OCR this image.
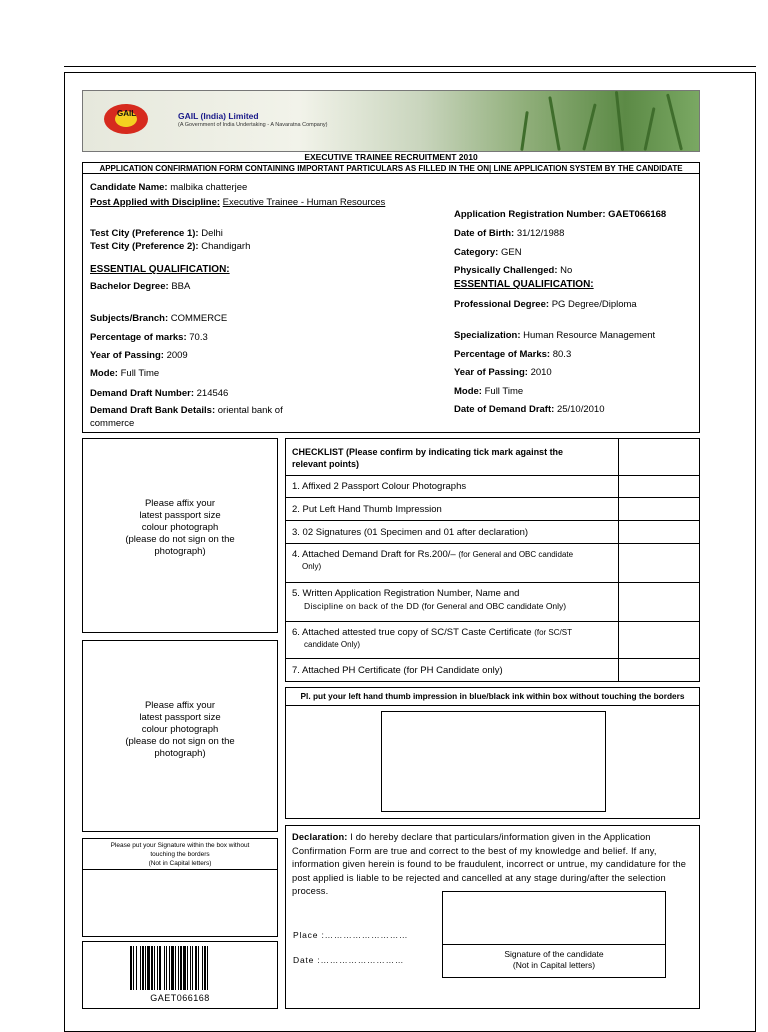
GAIL	GAIL (India) Limited
(A Government of India Undertaking - A Navaratna Company)
EXECUTIVE TRAINEE RECRUITMENT 2010
APPLICATION CONFIRMATION FORM CONTAINING IMPORTANT PARTICULARS AS FILLED IN THE ON| LINE APPLICATION SYSTEM BY THE CANDIDATE
Candidate Name: malbika chatterjee
Post Applied with Discipline: Executive Trainee - Human Resources
Test City (Preference 1): Delhi
Test City (Preference 2): Chandigarh
ESSENTIAL QUALIFICATION:
Bachelor Degree: BBA
Subjects/Branch: COMMERCE
Percentage of marks: 70.3
Year of Passing: 2009
Mode: Full Time
Demand Draft Number: 214546
Demand Draft Bank Details: oriental bank of
commerce
Application Registration Number: GAET066168
Date of Birth: 31/12/1988
Category: GEN
Physically Challenged: No
ESSENTIAL QUALIFICATION:
Professional Degree: PG Degree/Diploma
Specialization: Human Resource Management
Percentage of Marks: 80.3
Year of Passing: 2010
Mode: Full Time
Date of Demand Draft: 25/10/2010
Please affix your
latest passport size
colour photograph
(please do not sign on the
photograph)
Please affix your
latest passport size
colour photograph
(please do not sign on the
photograph)
CHECKLIST (Please confirm by indicating tick mark against the
relevant points)
1. Affixed 2 Passport Colour Photographs
2. Put Left Hand Thumb Impression
3. 02 Signatures (01 Specimen and 01 after declaration)
4. Attached Demand Draft for Rs.200/– (for General and OBC candidate
Only)
5. Written Application Registration Number, Name and
Discipline on back of the DD (for General and OBC candidate Only)
6. Attached attested true copy of SC/ST Caste Certificate (for SC/ST
candidate Only)
7. Attached PH Certificate (for PH Candidate only)
Pl. put your left hand thumb impression in blue/black ink within box without touching the borders
Please put your Signature within the box without
touching the borders
(Not in Capital letters)
GAET066168
Declaration: I do hereby declare that particulars/information given in the Application Confirmation Form are true and correct to the best of my knowledge and belief. If any, information given herein is found to be fraudulent, incorrect or untrue, my candidature for the post applied is liable to be rejected and cancelled at any stage during/after the selection process.
Place :………………………
Date :………………………
Signature of the candidate
(Not in Capital letters)
